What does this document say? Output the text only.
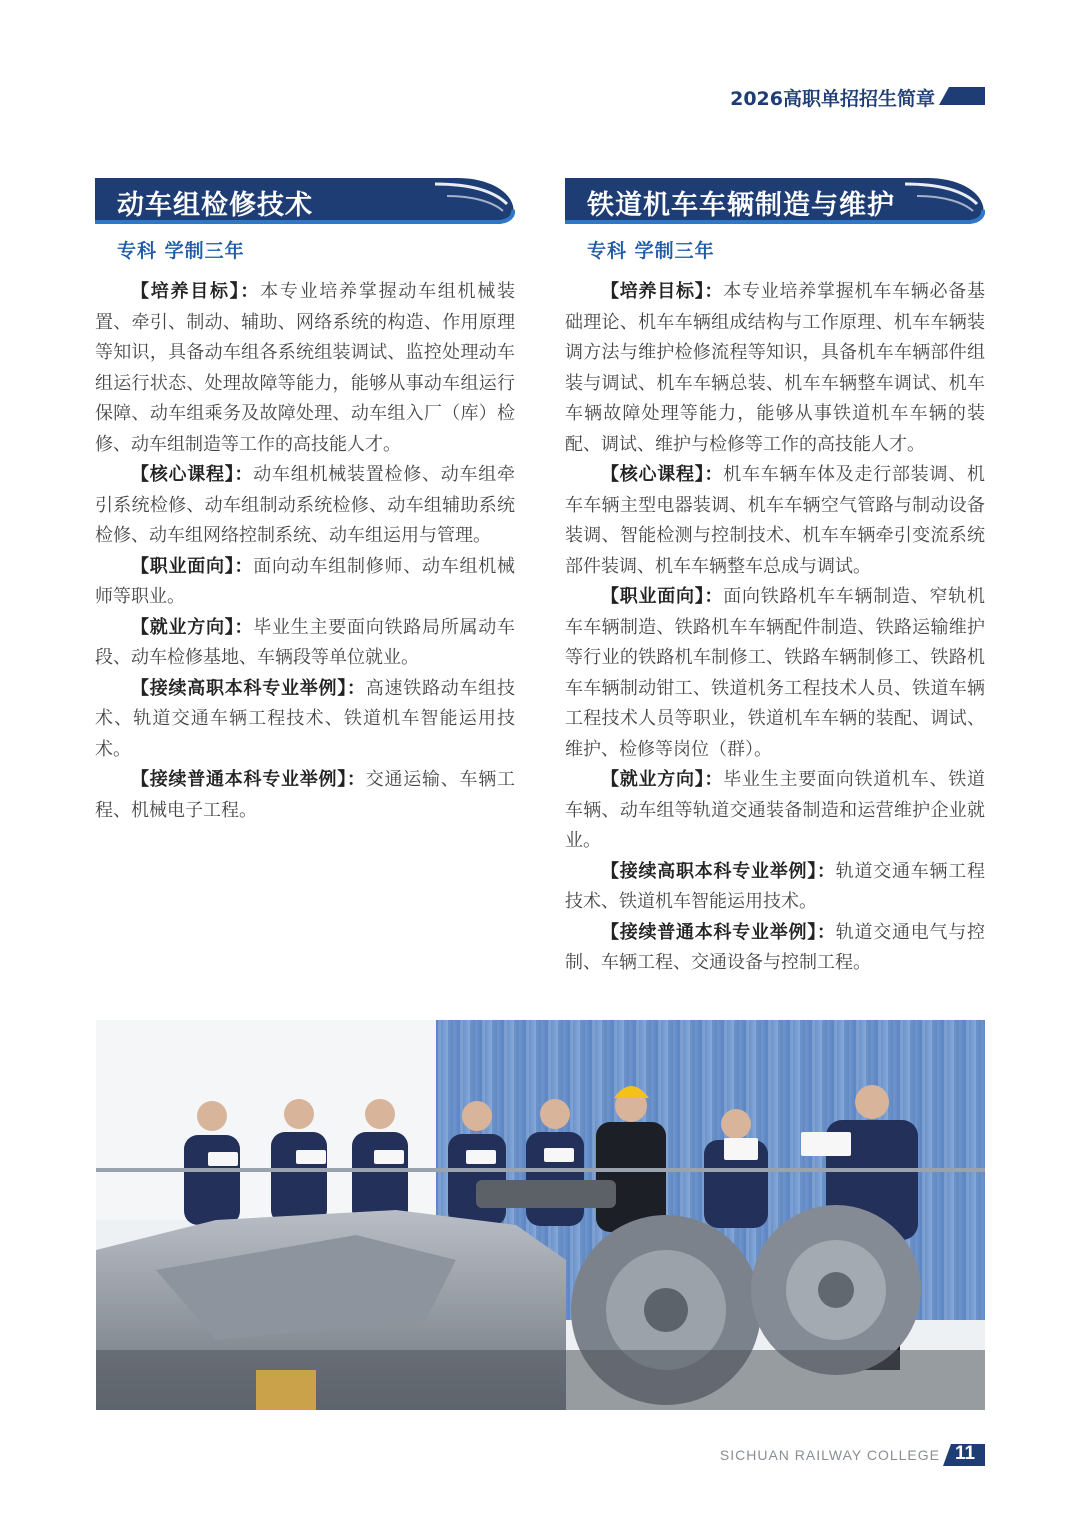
2026高职单招招生简章
动车组检修技术
专科 学制三年

【培养目标】：本专业培养掌握动车组机械装置、牵引、制动、辅助、网络系统的构造、作用原理等知识，具备动车组各系统组装调试、监控处理动车组运行状态、处理故障等能力，能够从事动车组运行保障、动车组乘务及故障处理、动车组入厂（库）检修、动车组制造等工作的高技能人才。

【核心课程】：动车组机械装置检修、动车组牵引系统检修、动车组制动系统检修、动车组辅助系统检修、动车组网络控制系统、动车组运用与管理。

【职业面向】：面向动车组制修师、动车组机械师等职业。

【就业方向】：毕业生主要面向铁路局所属动车段、动车检修基地、车辆段等单位就业。

【接续高职本科专业举例】：高速铁路动车组技术、轨道交通车辆工程技术、铁道机车智能运用技术。

【接续普通本科专业举例】：交通运输、车辆工程、机械电子工程。

铁道机车车辆制造与维护
专科 学制三年

【培养目标】：本专业培养掌握机车车辆必备基础理论、机车车辆组成结构与工作原理、机车车辆装调方法与维护检修流程等知识，具备机车车辆部件组装与调试、机车车辆总装、机车车辆整车调试、机车车辆故障处理等能力，能够从事铁道机车车辆的装配、调试、维护与检修等工作的高技能人才。

【核心课程】：机车车辆车体及走行部装调、机车车辆主型电器装调、机车车辆空气管路与制动设备装调、智能检测与控制技术、机车车辆牵引变流系统部件装调、机车车辆整车总成与调试。

【职业面向】：面向铁路机车车辆制造、窄轨机车车辆制造、铁路机车车辆配件制造、铁路运输维护等行业的铁路机车制修工、铁路车辆制修工、铁路机车车辆制动钳工、铁道机务工程技术人员、铁道车辆工程技术人员等职业，铁道机车车辆的装配、调试、维护、检修等岗位（群）。

【就业方向】：毕业生主要面向铁道机车、铁道车辆、动车组等轨道交通装备制造和运营维护企业就业。

【接续高职本科专业举例】：轨道交通车辆工程技术、铁道机车智能运用技术。

【接续普通本科专业举例】：轨道交通电气与控制、车辆工程、交通设备与控制工程。

SICHUAN RAILWAY COLLEGE 11
